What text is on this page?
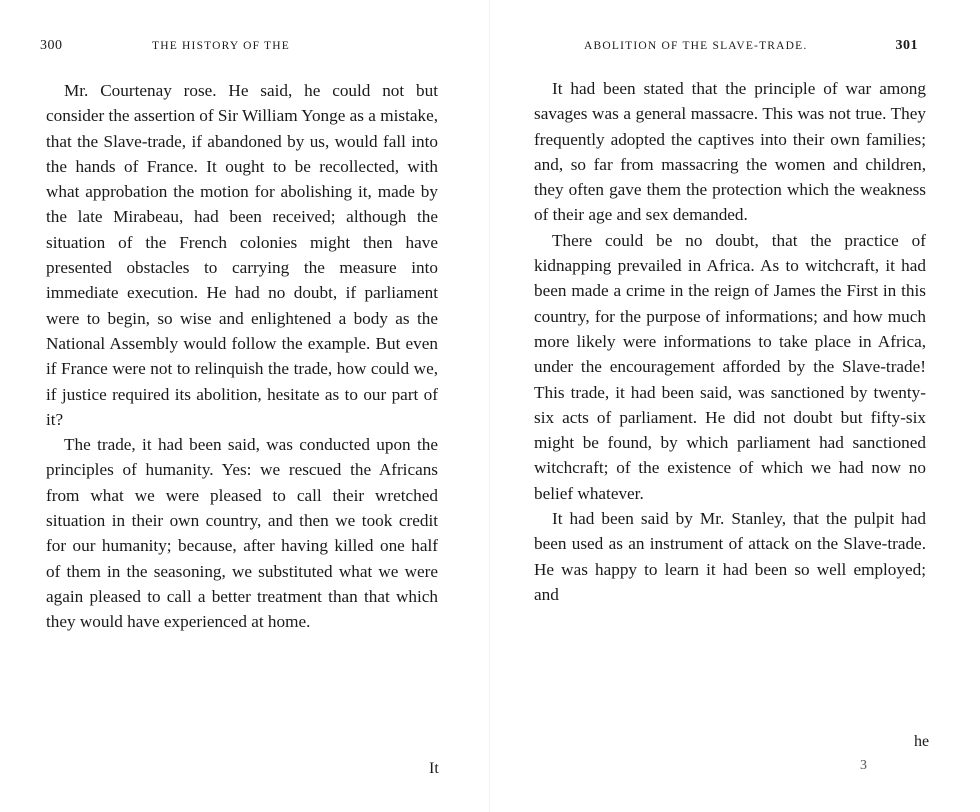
300	THE HISTORY OF THE

Mr. Courtenay rose. He said, he could not but consider the assertion of Sir William Yonge as a mistake, that the Slave-trade, if abandoned by us, would fall into the hands of France. It ought to be recollected, with what approbation the motion for abolishing it, made by the late Mirabeau, had been received; although the situation of the French colonies might then have presented obstacles to carrying the measure into immediate execution. He had no doubt, if parliament were to begin, so wise and enlightened a body as the National Assembly would follow the example. But even if France were not to relinquish the trade, how could we, if justice required its abolition, hesitate as to our part of it?

The trade, it had been said, was conducted upon the principles of humanity. Yes: we rescued the Africans from what we were pleased to call their wretched situation in their own country, and then we took credit for our humanity; because, after having killed one half of them in the seasoning, we substituted what we were again pleased to call a better treatment than that which they would have experienced at home.

It
ABOLITION OF THE SLAVE-TRADE.	301

It had been stated that the principle of war among savages was a general massacre. This was not true. They frequently adopted the captives into their own families; and, so far from massacring the women and children, they often gave them the protection which the weakness of their age and sex demanded.

There could be no doubt, that the practice of kidnapping prevailed in Africa. As to witchcraft, it had been made a crime in the reign of James the First in this country, for the purpose of informations; and how much more likely were informations to take place in Africa, under the encouragement afforded by the Slave-trade! This trade, it had been said, was sanctioned by twenty-six acts of parliament. He did not doubt but fifty-six might be found, by which parliament had sanctioned witchcraft; of the existence of which we had now no belief whatever.

It had been said by Mr. Stanley, that the pulpit had been used as an instrument of attack on the Slave-trade. He was happy to learn it had been so well employed; and

he
3
